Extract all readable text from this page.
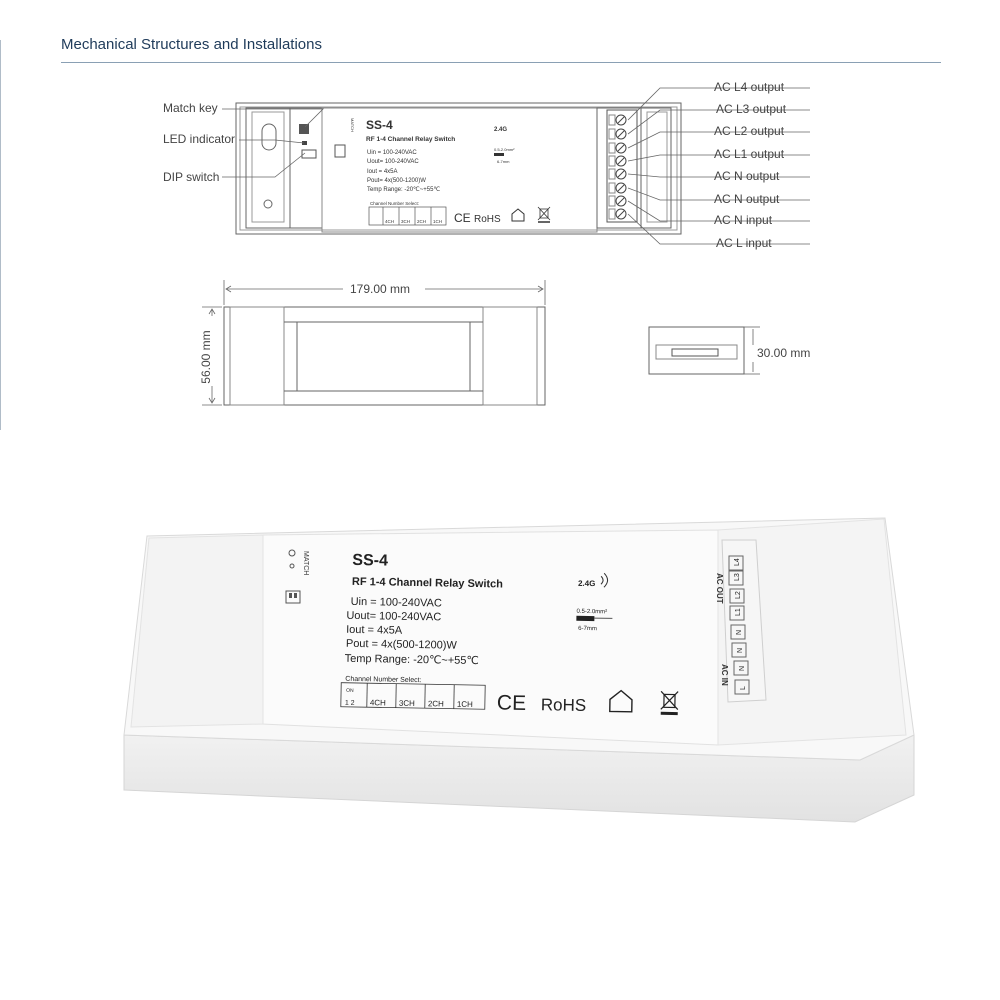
Mechanical Structures and Installations
SS-4
RF 1-4 Channel Relay Switch
2.4G
Uin = 100-240VAC
Uout= 100-240VAC
Iout = 4x5A
Pout= 4x(500-1200)W
Temp Range: -20℃~+55℃
Channel Number Select:
4CH 3CH 2CH 1CH CE RoHS
0.5-2.0mm²
6-7mm
MATCH
Match key
LED indicator
DIP switch
AC L4 output
AC L3 output
AC L2 output
AC L1 output
AC N output
AC N output
AC N input
AC L input
179.00 mm
56.00 mm	30.00 mm
SS-4
RF 1-4 Channel Relay Switch	2.4G
Uin = 100-240VAC
Uout= 100-240VAC
Iout = 4x5A
Pout = 4x(500-1200)W
Temp Range: -20℃~+55℃
0.5-2.0mm²
6-7mm
Channel Number Select:
ON
1 2 4CH 3CH 2CH 1CH CE RoHS
MATCH
AC OUT
AC IN
L4
L3
L2
L1
N
N
N
L
